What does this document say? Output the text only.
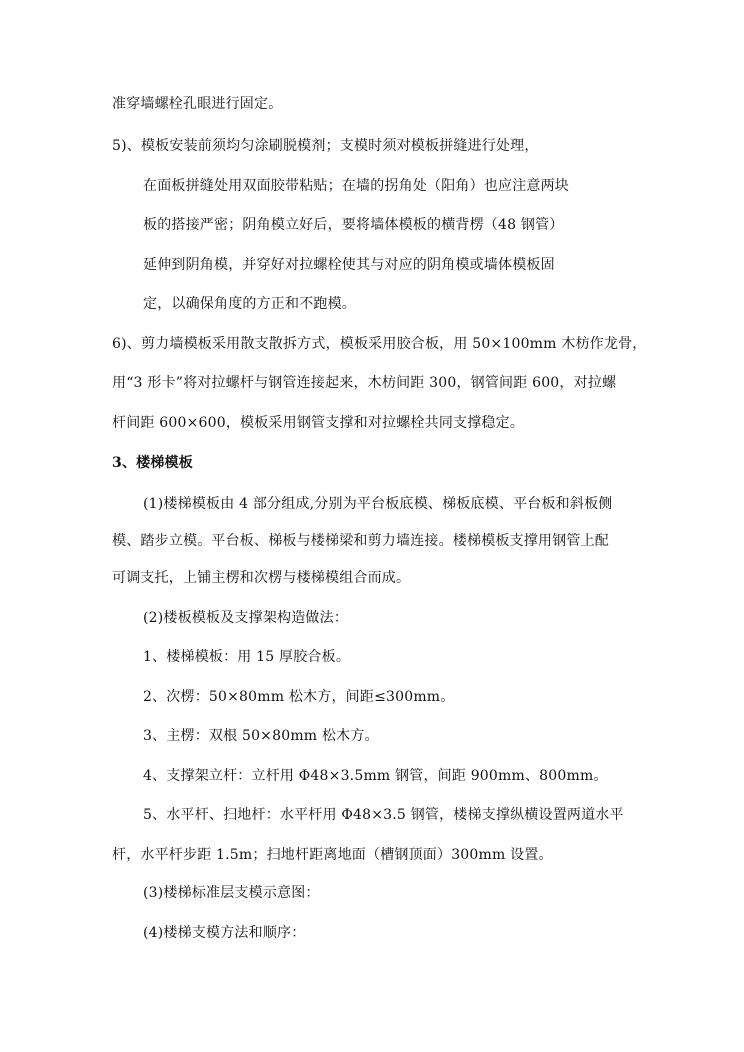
准穿墙螺栓孔眼进行固定。
5)、模板安装前须均匀涂刷脱模剂；支模时须对模板拼缝进行处理，
在面板拼缝处用双面胶带粘贴；在墙的拐角处（阳角）也应注意两块
板的搭接严密；阴角模立好后，要将墙体模板的横背楞（48 钢管）
延伸到阴角模，并穿好对拉螺栓使其与对应的阴角模或墙体模板固
定，以确保角度的方正和不跑模。
6)、剪力墙模板采用散支散拆方式，模板采用胶合板，用 50×100mm 木枋作龙骨，
用“3 形卡”将对拉螺杆与钢管连接起来，木枋间距 300，钢管间距 600，对拉螺
杆间距 600×600，模板采用钢管支撑和对拉螺栓共同支撑稳定。
3、楼梯模板
(1)楼梯模板由 4 部分组成,分别为平台板底模、梯板底模、平台板和斜板侧
模、踏步立模。平台板、梯板与楼梯梁和剪力墙连接。楼梯模板支撑用钢管上配
可调支托，上铺主楞和次楞与楼梯模组合而成。
(2)楼板模板及支撑架构造做法：
1、楼梯模板：用 15 厚胶合板。
2、次楞：50×80mm 松木方，间距≤300mm。
3、主楞：双根 50×80mm 松木方。
4、支撑架立杆：立杆用 Φ48×3.5mm 钢管，间距 900mm、800mm。
5、水平杆、扫地杆：水平杆用 Φ48×3.5 钢管，楼梯支撑纵横设置两道水平
杆，水平杆步距 1.5m；扫地杆距离地面（槽钢顶面）300mm 设置。
(3)楼梯标准层支模示意图：
(4)楼梯支模方法和顺序：
